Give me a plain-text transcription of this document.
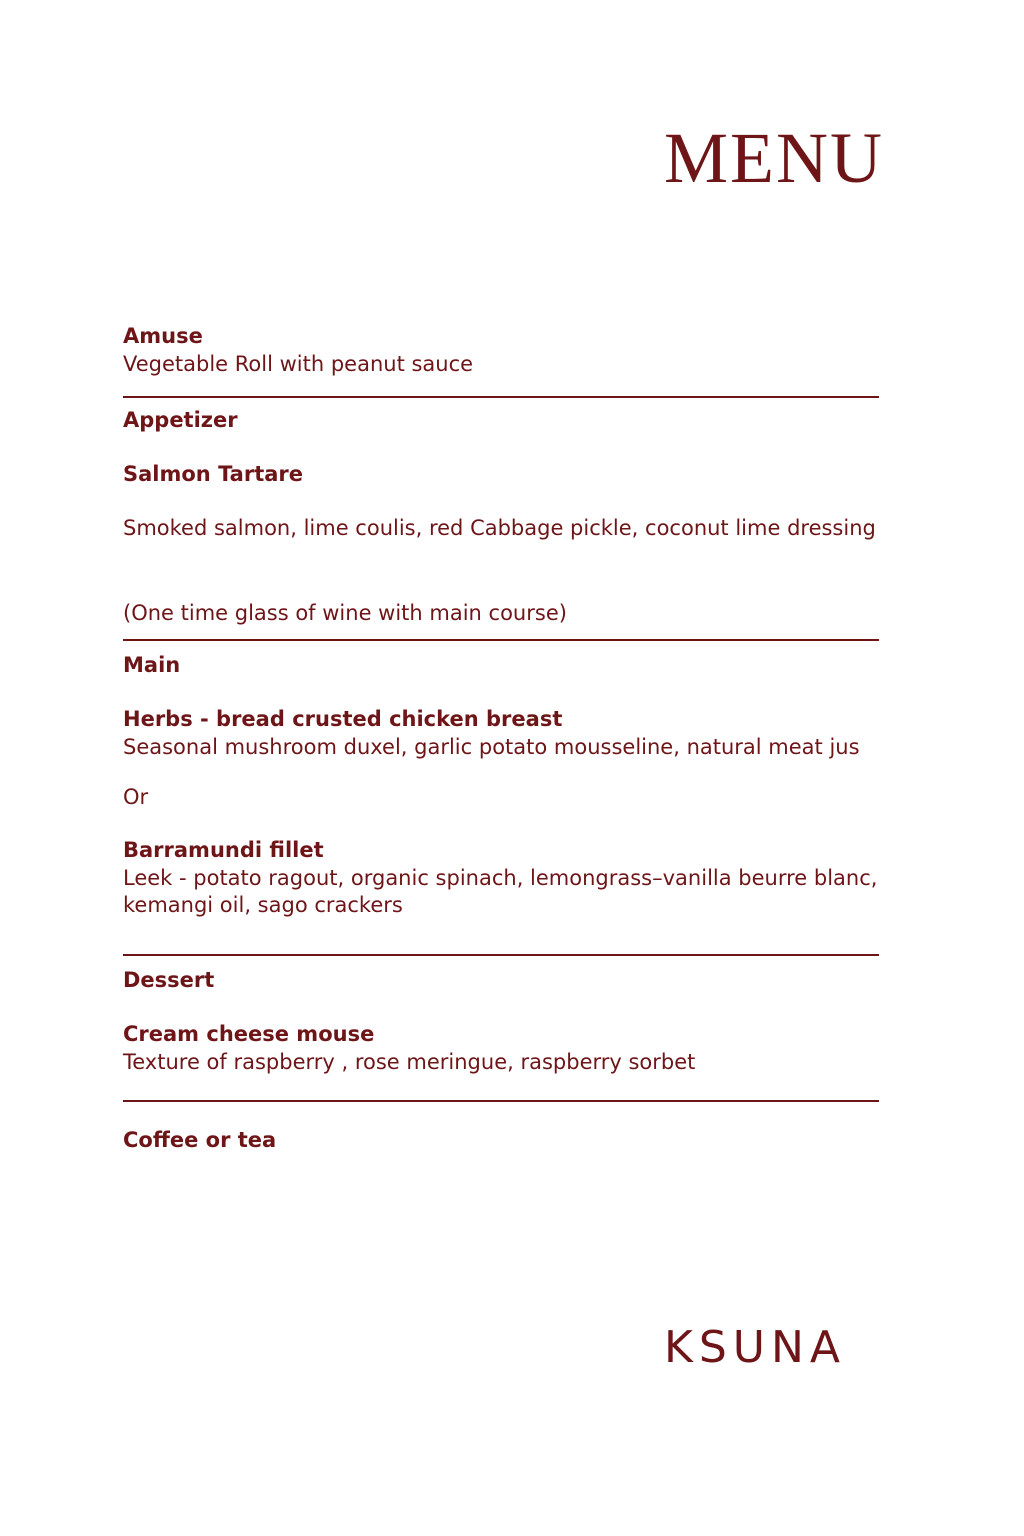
MENU
Amuse
Vegetable Roll with peanut sauce
Appetizer
Salmon Tartare
Smoked salmon, lime coulis, red Cabbage pickle, coconut lime dressing
(One time glass of wine with main course)
Main
Herbs - bread crusted chicken breast
Seasonal mushroom duxel, garlic potato mousseline, natural meat jus
Or
Barramundi fillet
Leek - potato ragout, organic spinach, lemongrass–vanilla beurre blanc,
kemangi oil, sago crackers
Dessert
Cream cheese mouse
Texture of raspberry , rose meringue, raspberry sorbet
Coffee or tea
KSUNA
